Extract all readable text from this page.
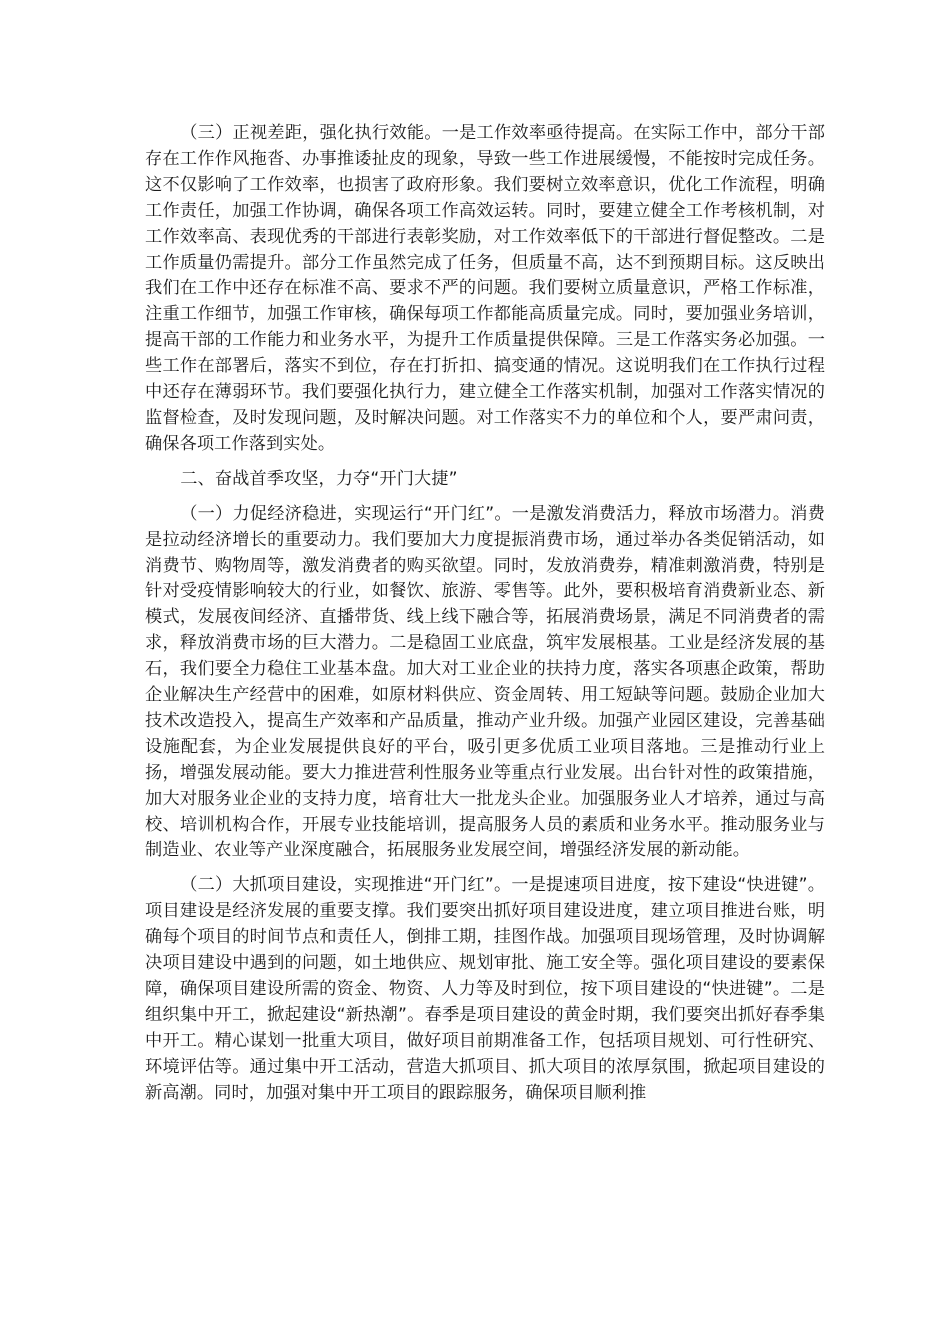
（三）正视差距，强化执行效能。一是工作效率亟待提高。在实际工作中，部分干部存在工作作风拖沓、办事推诿扯皮的现象，导致一些工作进展缓慢，不能按时完成任务。这不仅影响了工作效率，也损害了政府形象。我们要树立效率意识，优化工作流程，明确工作责任，加强工作协调，确保各项工作高效运转。同时，要建立健全工作考核机制，对工作效率高、表现优秀的干部进行表彰奖励，对工作效率低下的干部进行督促整改。二是工作质量仍需提升。部分工作虽然完成了任务，但质量不高，达不到预期目标。这反映出我们在工作中还存在标准不高、要求不严的问题。我们要树立质量意识，严格工作标准，注重工作细节，加强工作审核，确保每项工作都能高质量完成。同时，要加强业务培训，提高干部的工作能力和业务水平，为提升工作质量提供保障。三是工作落实务必加强。一些工作在部署后，落实不到位，存在打折扣、搞变通的情况。这说明我们在工作执行过程中还存在薄弱环节。我们要强化执行力，建立健全工作落实机制，加强对工作落实情况的监督检查，及时发现问题，及时解决问题。对工作落实不力的单位和个人，要严肃问责，确保各项工作落到实处。

二、奋战首季攻坚，力夺“开门大捷”

（一）力促经济稳进，实现运行“开门红”。一是激发消费活力，释放市场潜力。消费是拉动经济增长的重要动力。我们要加大力度提振消费市场，通过举办各类促销活动，如消费节、购物周等，激发消费者的购买欲望。同时，发放消费券，精准刺激消费，特别是针对受疫情影响较大的行业，如餐饮、旅游、零售等。此外，要积极培育消费新业态、新模式，发展夜间经济、直播带货、线上线下融合等，拓展消费场景，满足不同消费者的需求，释放消费市场的巨大潜力。二是稳固工业底盘，筑牢发展根基。工业是经济发展的基石，我们要全力稳住工业基本盘。加大对工业企业的扶持力度，落实各项惠企政策，帮助企业解决生产经营中的困难，如原材料供应、资金周转、用工短缺等问题。鼓励企业加大技术改造投入，提高生产效率和产品质量，推动产业升级。加强产业园区建设，完善基础设施配套，为企业发展提供良好的平台，吸引更多优质工业项目落地。三是推动行业上扬，增强发展动能。要大力推进营利性服务业等重点行业发展。出台针对性的政策措施，加大对服务业企业的支持力度，培育壮大一批龙头企业。加强服务业人才培养，通过与高校、培训机构合作，开展专业技能培训，提高服务人员的素质和业务水平。推动服务业与制造业、农业等产业深度融合，拓展服务业发展空间，增强经济发展的新动能。

（二）大抓项目建设，实现推进“开门红”。一是提速项目进度，按下建设“快进键”。项目建设是经济发展的重要支撑。我们要突出抓好项目建设进度，建立项目推进台账，明确每个项目的时间节点和责任人，倒排工期，挂图作战。加强项目现场管理，及时协调解决项目建设中遇到的问题，如土地供应、规划审批、施工安全等。强化项目建设的要素保障，确保项目建设所需的资金、物资、人力等及时到位，按下项目建设的“快进键”。二是组织集中开工，掀起建设“新热潮”。春季是项目建设的黄金时期，我们要突出抓好春季集中开工。精心谋划一批重大项目，做好项目前期准备工作，包括项目规划、可行性研究、环境评估等。通过集中开工活动，营造大抓项目、抓大项目的浓厚氛围，掀起项目建设的新高潮。同时，加强对集中开工项目的跟踪服务，确保项目顺利推
